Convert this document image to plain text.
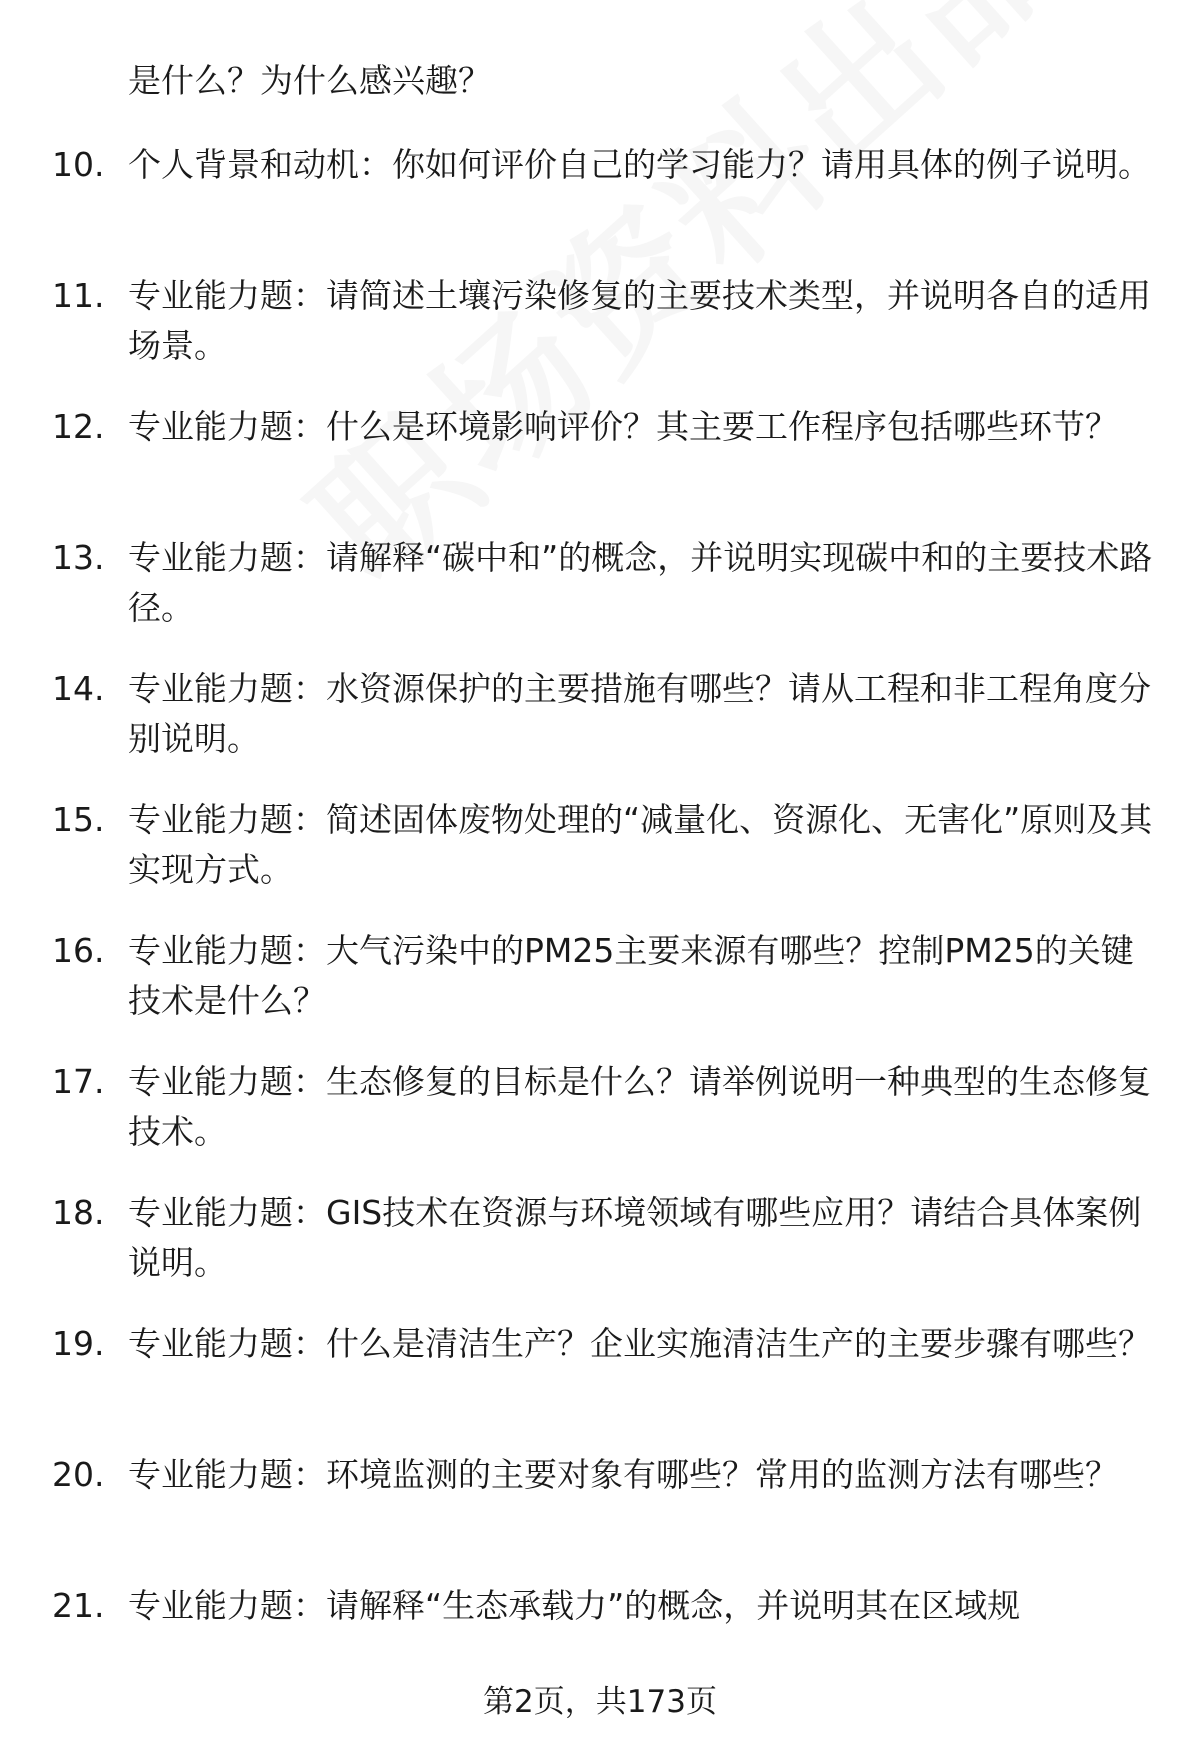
是什么？为什么感兴趣？

10. 个人背景和动机：你如何评价自己的学习能力？请用具体的例子说明。
11. 专业能力题：请简述土壤污染修复的主要技术类型，并说明各自的适用场景。
12. 专业能力题：什么是环境影响评价？其主要工作程序包括哪些环节？
13. 专业能力题：请解释“碳中和”的概念，并说明实现碳中和的主要技术路径。
14. 专业能力题：水资源保护的主要措施有哪些？请从工程和非工程角度分别说明。
15. 专业能力题：简述固体废物处理的“减量化、资源化、无害化”原则及其实现方式。
16. 专业能力题：大气污染中的PM25主要来源有哪些？控制PM25的关键技术是什么？
17. 专业能力题：生态修复的目标是什么？请举例说明一种典型的生态修复技术。
18. 专业能力题：GIS技术在资源与环境领域有哪些应用？请结合具体案例说明。
19. 专业能力题：什么是清洁生产？企业实施清洁生产的主要步骤有哪些？
20. 专业能力题：环境监测的主要对象有哪些？常用的监测方法有哪些？
21. 专业能力题：请解释“生态承载力”的概念，并说明其在区域规
第2页，共173页
